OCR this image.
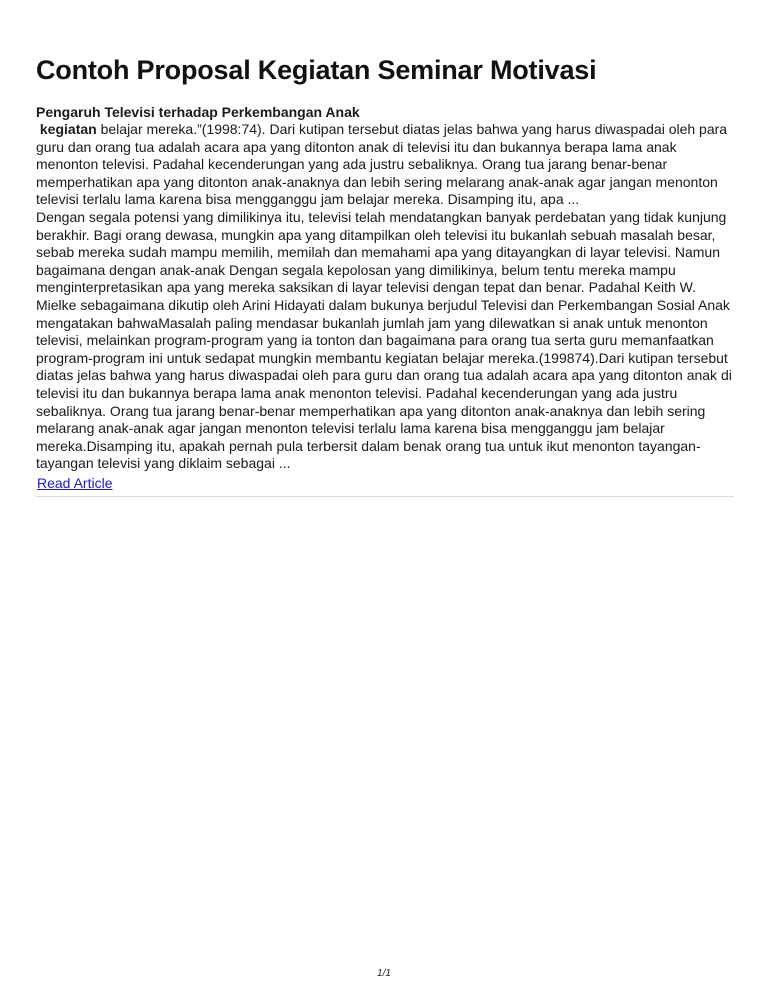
Contoh Proposal Kegiatan Seminar Motivasi
Pengaruh Televisi terhadap Perkembangan Anak
kegiatan belajar mereka.”(1998:74). Dari kutipan tersebut diatas jelas bahwa yang harus diwaspadai oleh para guru dan orang tua adalah acara apa yang ditonton anak di televisi itu dan bukannya berapa lama anak menonton televisi. Padahal kecenderungan yang ada justru sebaliknya. Orang tua jarang benar-benar memperhatikan apa yang ditonton anak-anaknya dan lebih sering melarang anak-anak agar jangan menonton televisi terlalu lama karena bisa mengganggu jam belajar mereka. Disamping itu, apa ...
Dengan segala potensi yang dimilikinya itu, televisi telah mendatangkan banyak perdebatan yang tidak kunjung berakhir. Bagi orang dewasa, mungkin apa yang ditampilkan oleh televisi itu bukanlah sebuah masalah besar, sebab mereka sudah mampu memilih, memilah dan memahami apa yang ditayangkan di layar televisi. Namun bagaimana dengan anak-anak Dengan segala kepolosan yang dimilikinya, belum tentu mereka mampu menginterpretasikan apa yang mereka saksikan di layar televisi dengan tepat dan benar. Padahal Keith W. Mielke sebagaimana dikutip oleh Arini Hidayati dalam bukunya berjudul Televisi dan Perkembangan Sosial Anak mengatakan bahwaMasalah paling mendasar bukanlah jumlah jam yang dilewatkan si anak untuk menonton televisi, melainkan program-program yang ia tonton dan bagaimana para orang tua serta guru memanfaatkan program-program ini untuk sedapat mungkin membantu kegiatan belajar mereka.(199874).Dari kutipan tersebut diatas jelas bahwa yang harus diwaspadai oleh para guru dan orang tua adalah acara apa yang ditonton anak di televisi itu dan bukannya berapa lama anak menonton televisi. Padahal kecenderungan yang ada justru sebaliknya. Orang tua jarang benar-benar memperhatikan apa yang ditonton anak-anaknya dan lebih sering melarang anak-anak agar jangan menonton televisi terlalu lama karena bisa mengganggu jam belajar mereka.Disamping itu, apakah pernah pula terbersit dalam benak orang tua untuk ikut menonton tayangan-tayangan televisi yang diklaim sebagai ...
Read Article
1/1
